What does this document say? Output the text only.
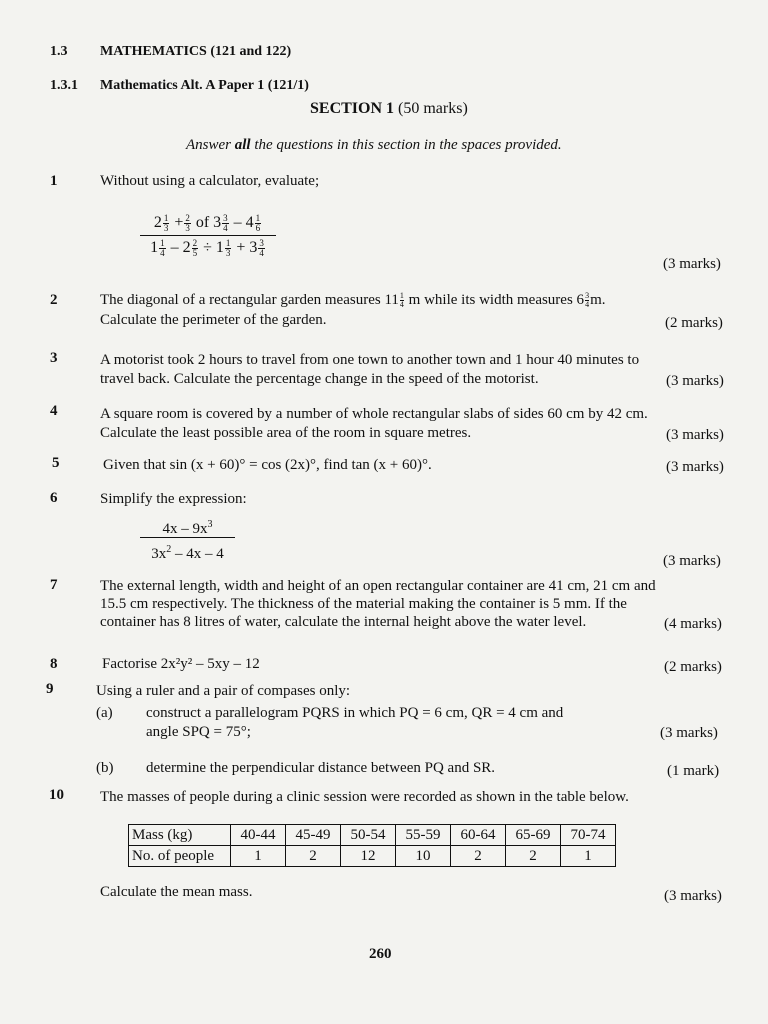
1.3 MATHEMATICS (121 and 122)
1.3.1 Mathematics Alt. A Paper 1 (121/1)
SECTION 1 (50 marks)
Answer all the questions in this section in the spaces provided.
1	Without using a calculator, evaluate;
$2 \frac{1}{3} + \frac{2}{3}$ of $3 \frac{3}{4} - 4 \frac{1}{6}$
$1 \frac{1}{4} - 2 \frac{2}{5} \div 1 \frac{1}{3} + 3 \frac{3}{4}$
(3 marks)
2	The diagonal of a rectangular garden measures $11 \frac{1}{4}$ m while its width measures $6 \frac{3}{4} m$.
Calculate the perimeter of the garden.	(2 marks)
3	A motorist took 2 hours to travel from one town to another town and 1 hour 40 minutes to
travel back. Calculate the percentage change in the speed of the motorist.	(3 marks)
4	A square room is covered by a number of whole rectangular slabs of sides 60 cm by 42 cm.
Calculate the least possible area of the room in square metres.	(3 marks)
5	Given that sin (x + 60)° = cos (2x)°, find tan (x + 60)°.	(3 marks)
6	Simplify the expression:
$4x - 9x^3$
$3x^2 - 4x - 4$	(3 marks)
7	The external length, width and height of an open rectangular container are 41 cm, 21 cm and
15.5 cm respectively. The thickness of the material making the container is 5 mm. If the
container has 8 litres of water, calculate the internal height above the water level.	(4 marks)
8	Factorise 2x²y² – 5xy – 12	(2 marks)
9	Using a ruler and a pair of compases only:
(a) construct a parallelogram PQRS in which PQ = 6 cm, QR = 4 cm and
angle SPQ = 75°;	(3 marks)
(b) determine the perpendicular distance between PQ and SR.	(1 mark)
10 The masses of people during a clinic session were recorded as shown in the table below.
Mass (kg)	40-44	45-49	50-54	55-59	60-64	65-69	70-74
No. of people	1	2	12	10	2	2	1
Calculate the mean mass.	(3 marks)
260
